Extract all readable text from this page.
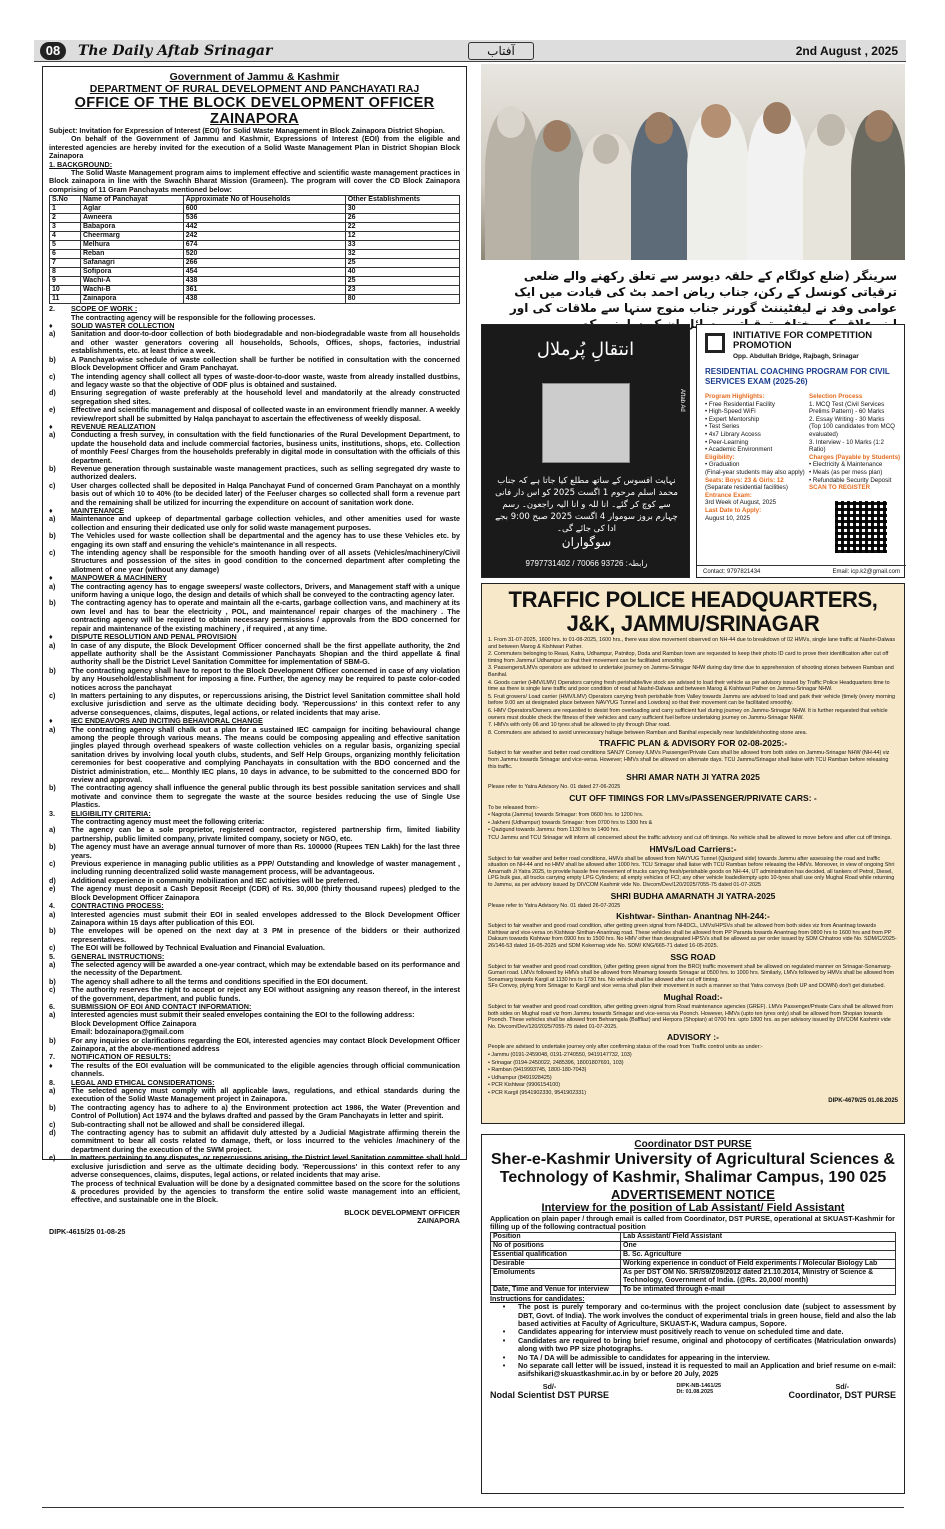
08	The Daily Aftab Srinagar	آفتاب	2nd August , 2025
Government of Jammu & Kashmir
DEPARTMENT OF RURAL DEVELOPMENT AND PANCHAYATI RAJ
OFFICE OF THE BLOCK DEVELOPMENT OFFICER ZAINAPORA

Subject: Invitation for Expression of Interest (EOI) for Solid Waste Management in Block Zainapora District Shopian.

On behalf of the Government of Jammu and Kashmir, Expressions of Interest (EOI) from the eligible and interested agencies are hereby invited for the execution of a Solid Waste Management Plan in District Shopian Block Zainapora

1. BACKGROUND:

The Solid Waste Management program aims to implement effective and scientific waste management practices in Block zainapora in line with the Swachh Bharat Mission (Grameen). The program will cover the CD Block Zainapora comprising of 11 Gram Panchayats mentioned below:

S.No	Name of Panchayat	Approximate No of Households	Other Establishments
1	Aglar	600	30
2	Awneera	536	26
3	Babapora	442	22
4	Cheermarg	242	12
5	Melhura	674	33
6	Reban	520	32
7	Safanagri	266	25
8	Sofipora	454	40
9	Wachi-A	438	25
10	Wachi-B	361	23
11	Zainapora	438	80
2.	SCOPE OF WORK :
The contracting agency will be responsible for the following processes.
♦	SOLID WASTER COLLECTION
a)	Sanitation and door-to-door collection of both biodegradable and non-biodegradable waste from all households and other waster generators covering all households, Schools, Offices, shops, factories, industrial establishments, etc. at least thrice a week.
b)	A Panchayat-wise schedule of waste collection shall be further be notified in consultation with the concerned Block Development Officer and Gram Panchayat.
c)	The intending agency shall collect all types of waste-door-to-door waste, waste from already installed dustbins, and legacy waste so that the objective of ODF plus is obtained and sustained.
d)	Ensuring segregation of waste preferably at the household level and mandatorily at the already constructed segregation shed sites.
e)	Effective and scientific management and disposal of collected waste in an environment friendly manner. A weekly review/report shall be submitted by Halqa panchayat to ascertain the effectiveness of weekly disposal.
♦	REVENUE REALIZATION
a)	Conducting a fresh survey, in consultation with the field functionaries of the Rural Development Department, to update the household data and include commercial factories, business units, institutions, shops, etc. Collection of monthly Fees/ Charges from the households preferably in digital mode in consultation with the officials of this department.
b)	Revenue generation through sustainable waste management practices, such as selling segregated dry waste to authorized dealers.
c)	User charges collected shall be deposited in Halqa Panchayat Fund of concerned Gram Panchayat on a monthly basis out of which 10 to 40% (to be decided later) of the Fee/user charges so collected shall form a revenue part and the remaining shall be utilized for incurring the expenditure on account of sanitation work done.
♦	MAINTENANCE
a)	Maintenance and upkeep of departmental garbage collection vehicles, and other amenities used for waste collection and ensuring their dedicated use only for solid waste management purposes.
b)	The Vehicles used for waste collection shall be departmental and the agency has to use these Vehicles etc. by engaging its own staff and ensuring the vehicle's maintenance in all respects.
c)	The intending agency shall be responsible for the smooth handing over of all assets (Vehicles/machinery/Civil Structures and possession of the sites in good condition to the concerned department after completing the allotment of one year (without any damage)
♦	MANPOWER & MACHINERY
a)	The contracting agency has to engage sweepers/ waste collectors, Drivers, and Management staff with a unique uniform having a unique logo, the design and details of which shall be conveyed to the contracting agency later.
b)	The contracting agency has to operate and maintain all the e-carts, garbage collection vans, and machinery at its own level and has to bear the electricity , POL, and maintenance/ repair charges of the machinery . The contracting agency will be required to obtain necessary permissions / approvals from the BDO concerned for repair and maintenance of the existing machinery , if required , at any time.
♦	DISPUTE RESOLUTION AND PENAL PROVISION
a)	In case of any dispute, the Block Development Officer concerned shall be the first appellate authority, the 2nd appellate authority shall be the Assistant Commissioner Panchayats Shopian and the third appellate & final authority shall be the District Level Sanitation Committee for implementation of SBM-G.
b)	The contracting agency shall have to report to the Block Development Officer concerned in case of any violation by any Household/establishment for imposing a fine. Further, the agency may be required to paste color-coded notices across the panchayat
c)	In matters pertaining to any disputes, or repercussions arising, the District level Sanitation committee shall hold exclusive jurisdiction and serve as the ultimate deciding body. 'Repercussions' in this context refer to any adverse consequences, claims, disputes, legal actions, or related incidents that may arise.
♦	IEC ENDEAVORS AND INCITING BEHAVIORAL CHANGE
a)	The contracting agency shall chalk out a plan for a sustained IEC campaign for inciting behavioural change among the people through various means. The means could be composing appealing and effective sanitation jingles played through overhead speakers of waste collection vehicles on a regular basis, organizing special sanitation drives by involving local youth clubs, students, and Self Help Groups, organizing monthly felicitation ceremonies for best cooperative and complying Panchayats in consultation with the BDO concerned and the District administration, etc... Monthly IEC plans, 10 days in advance, to be submitted to the concerned BDO for review and approval.
b)	The contracting agency shall influence the general public through its best possible sanitation services and shall motivate and convince them to segregate the waste at the source besides reducing the use of Single Use Plastics.
3.	ELIGIBILITY CRITERIA:
The contracting agency must meet the following criteria:
a)	The agency can be a sole proprietor, registered contractor, registered partnership firm, limited liability partnership, public limited company, private limited company, society or NGO, etc.
b)	The agency must have an average annual turnover of more than Rs. 100000 (Rupees TEN Lakh) for the last three years.
c)	Previous experience in managing public utilities as a PPP/ Outstanding and knowledge of waster management , including running decentralized solid waste management process, will be advantageous.
d)	Additional experience in community mobilization and IEC activities will be preferred.
e)	The agency must deposit a Cash Deposit Receipt (CDR) of Rs. 30,000 (thirty thousand rupees) pledged to the Block Development Officer Zainapora
4.	CONTRACTING PROCESS:
a)	Interested agencies must submit their EOI in sealed envelopes addressed to the Block Development Officer Zainapora within 15 days after publication of this EOI.
b)	The envelopes will be opened on the next day at 3 PM in presence of the bidders or their authorized representatives.
c)	The EOI will be followed by Technical Evaluation and Financial Evaluation.
5.	GENERAL INSTRUCTIONS:
a)	The selected agency will be awarded a one-year contract, which may be extendable based on its performance and the necessity of the Department.
b)	The agency shall adhere to all the terms and conditions specified in the EOI document.
c)	The authority reserves the right to accept or reject any EOI without assigning any reason thereof, in the interest of the government, department, and public funds.
6.	SUBMISSION OF EOI AND CONTACT INFORMATION:
a)	Interested agencies must submit their sealed envelopes containing the EOI to the following address:
Block Development Office Zainapora
Email: bdozainapora@gmail.com
b)	For any inquiries or clarifications regarding the EOI, interested agencies may contact Block Development Officer Zainapora, at the above-mentioned address
7.	NOTIFICATION OF RESULTS:
♦	The results of the EOI evaluation will be communicated to the eligible agencies through official communication channels.
8.	LEGAL AND ETHICAL CONSIDERATIONS:
a)	The selected agency must comply with all applicable laws, regulations, and ethical standards during the execution of the Solid Waste Management project in Zainapora.
b)	The contracting agency has to adhere to a) the Environment protection act 1986, the Water (Prevention and Control of Pollution) Act 1974 and the bylaws drafted and passed by the Gram Panchayats in letter and spirit.
c)	Sub-contracting shall not be allowed and shall be considered illegal.
d)	The contracting agency has to submit an affidavit duly attested by a Judicial Magistrate affirming therein the commitment to bear all costs related to damage, theft, or loss incurred to the vehicles /machinery of the department during the execution of the SWM project.
e)	In matters pertaining to any disputes, or repercussions arising, the District level Sanitation committee shall hold exclusive jurisdiction and serve as the ultimate deciding body. 'Repercussions' in this context refer to any adverse consequences, claims, disputes, legal actions, or related incidents that may arise.
The process of technical Evaluation will be done by a designated committee based on the score for the solutions & procedures provided by the agencies to transform the entire solid waste management into an efficient, effective, and sustainable one in the Block.
BLOCK DEVELOPMENT OFFICER
ZAINAPORA
DIPK-4615/25 01-08-25
سرینگر (ضلع کولگام کے حلقہ دیوسر سے تعلق رکھنے والے ضلعی ترقیاتی کونسل کے رکن، جناب ریاض احمد بٹ کی قیادت میں ایک عوامی وفد نے لیفٹیننٹ گورنر جناب منوج سنہا سے ملاقات کی اور
انتقالِ پُرملال
Aftab Ad
نہایت افسوس کے ساتھ مطلع کیا جاتا ہے کہ جناب محمد اسلم مرحوم 1 اگست 2025 کو اس دار فانی سے کوچ کر گئے۔ انا للہ و انا الیہ راجعون۔ رسم چہارم بروز سوموار 4 اگست 2025 صبح 9:00 بجے ادا کی جائے گی۔
سوگواران
9797731402 / 70066 93726 :رابطہ
INITIATIVE FOR COMPETITION PROMOTION
Opp. Abdullah Bridge, Rajbagh, Srinagar
RESIDENTIAL COACHING PROGRAM FOR CIVIL SERVICES EXAM (2025-26)
Program Highlights:
• Free Residential Facility
• High-Speed WiFi
• Expert Mentorship
• Test Series
• 4x7 Library Access
• Peer-Learning
• Academic Environment
Eligibility:
• Graduation
(Final-year students may also apply)
Seats: Boys: 23 & Girls: 12
(Separate residential facilities)
Entrance Exam:
3rd Week of August, 2025
Last Date to Apply:
August 10, 2025
Selection Process
1. MCQ Test (Civil Services Prelims Pattern) - 60 Marks
2. Essay Writing - 30 Marks
(Top 100 candidates from MCQ evaluated)
3. Interview - 10 Marks (1:2 Ratio)
Charges (Payable by Students)
• Electricity & Maintenance
• Meals (as per mess plan)
• Refundable Security Deposit
SCAN TO REGISTER
Contact: 9797821434	Email: icp.k2@gmail.com
TRAFFIC POLICE HEADQUARTERS,
J&K, JAMMU/SRINAGAR

1. From 31-07-2025, 1600 hrs. to 01-08-2025, 1600 hrs., there was slow movement observed on NH-44 due to breakdown of 02 HMVs, single lane traffic at Nashri-Dalwas and between Marog & Kishtwari Pather.

2. Commuters belonging to Reasi, Katra, Udhampur, Patnitop, Doda and Ramban town are requested to keep their photo ID card to prove their identification after cut off timing from Jammu/ Udhampur so that their movement can be facilitated smoothly.

3. Passengers/LMVs operators are advised to undertake journey on Jammu-Srinagar NHW during day time due to apprehension of shooting stones between Ramban and Banihal.

4. Goods carrier (HMV/LMV) Operators carrying fresh perishable/live stock are advised to load their vehicle as per advisory issued by Traffic Police Headquarters time to time as there is single lane traffic and poor condition of road at Nashri-Dalwas and between Marog & Kishtwari Pather on Jammu-Srinagar NHW.

5. Fruit growers/ Load carrier (HMV/LMV) Operators carrying fresh perishable from Valley towards Jammu are advised to load and park their vehicle (timely (every morning before 9.00 am at designated place between NAVYUG Tunnel and Lowdora) so that their movement can be facilitated smoothly.

6. HMV Operators/Owners are requested to desist from overloading and carry sufficient fuel during journey on Jammu-Srinagar NHW. It is further requested that vehicle owners must double check the fitness of their vehicles and carry sufficient fuel before undertaking journey on Jammu-Srinagar NHW.

7. HMVs with only 06 and 10 tyres shall be allowed to ply through Dhar road.

8. Commuters are advised to avoid unnecessary haltage between Ramban and Banihal especially near landslide/shooting stone area.

TRAFFIC PLAN & ADVISORY FOR 02-08-2025:-

Subject to fair weather and better road conditions SANJY Convey /LMVs Passenger/Private Cars shall be allowed from both sides on Jammu-Srinagar NHW (NH-44) viz from Jammu towards Srinagar and vice-versa. However; HMVs shall be allowed on alternate days. TCU Jammu/Srinagar shall liaise with TCU Ramban before releasing this traffic.

SHRI AMAR NATH JI YATRA 2025

Please refer to Yatra Advisory No. 01 dated 27-06-2025

CUT OFF TIMINGS FOR LMVs/PASSENGER/PRIVATE CARS: -

To be released from:-

• Nagrota (Jammu) towards Srinagar: from 0600 hrs. to 1200 hrs.

• Jakheni (Udhampur) towards Srinagar: from 0700 hrs to 1300 hrs &

• Qazigund towards Jammu: from 1130 hrs to 1400 hrs.

TCU Jammu and TCU Srinagar will inform all concerned about the traffic advisory and cut off timings. No vehicle shall be allowed to move before and after cut off timings.

HMVs/Load Carriers:-

Subject to fair weather and better road conditions, HMVs shall be allowed from NAVYUG Tunnel (Qazigund side) towards Jammu after assessing the road and traffic situation on NH-44 and no HMV shall be allowed after 1000 hrs. TCU Srinagar shall liaise with TCU Ramban before releasing the HMVs. Moreover, in view of ongoing Shri Amarnath Ji Yatra 2025, to provide hassle free movement of trucks carrying fresh/perishable goods on NH-44, UT administration has decided, all tankers of Petrol, Diesel, LPG bulk gas, all trucks carrying empty LPG Cylinders; all empty vehicles of FCI; any other vehicle loaded/empty upto 10-tyres shall use only Mughal Road while returning to Jammu, as per advisory issued by DIVCOM Kashmir vide No. Divcom/Dev/120/2025/7055-75 dated 01-07-2025

SHRI BUDHA AMARNATH JI YATRA-2025

Please refer to Yatra Advisory No. 01 dated 26-07-2025

Kishtwar- Sinthan- Anantnag NH-244:-

Subject to fair weather and good road condition, after getting green signal from NHIDCL, LMVs/HPSVs shall be allowed from both sides viz from Anantnag towards Kishtwar and vice-versa on Kishtwar-Sinthan-Anantnag road. These vehicles shall be allowed from PP Paranta towards Anantnag from 0800 hrs to 1600 hrs and from PP Daksum towards Kishtwar from 0900 hrs to 1500 hrs. No HMV other than designated HPSVs shall be allowed as per order issued by SDM Chhatroo vide No. SDM/C/2025-26/146-53 dated 16-05-2025 and SDM Kokernag vide No. SDM/ KNG/665-71 dated 16-05-2025.

SSG ROAD

Subject to fair weather and good road condition, (after getting green signal from the BRO) traffic movement shall be allowed on regulated manner on Srinagar-Sonamarg-Gumari road. LMVs followed by HMVs shall be allowed from Minamarg towards Srinagar at 0500 hrs. to 1000 hrs. Similarly, LMVs followed by HMVs shall be allowed from Sonamarg towards Kargil at 1130 hrs to 1730 hrs. No vehicle shall be allowed after cut off timing.
SFs Convoy, plying from Srinagar to Kargil and vice versa shall plan their movement in such a manner so that Yatra convoys (both UP and DOWN) don't get disturbed.

Mughal Road:-

Subject to fair weather and good road condition, after getting green signal from Road maintenance agencies (GREF). LMVs Passenger/Private Cars shall be allowed from both sides on Mughal road viz from Jammu towards Srinagar and vice-versa via Poonch. However, HMVs (upto ten tyres only) shall be allowed from Shopian towards Poonch. These vehicles shall be allowed from Behramgala (Baffliaz) and Herpora (Shopian) at 0700 hrs. upto 1800 hrs. as per advisory issued by DIVCOM Kashmir vide No. Divcom/Dev/120/2025/7055-75 dated 01-07-2025.

ADVISORY :-

People are advised to undertake journey only after confirming status of the road from Traffic control units as under:-

• Jammu (0191-2459048, 0191-2740550, 9419147732, 103)

• Srinagar (0194-2450022, 2485396, 18001807691, 103)

• Ramban (9419993745, 1800-180-7043)

• Udhampur (8491928425)

• PCR Kishtwar (9906154100)

• PCR Kargil (9541902330, 9541902331)

DIPK-4679/25 01.08.2025
Coordinator DST PURSE
Sher-e-Kashmir University of Agricultural Sciences &
Technology of Kashmir, Shalimar Campus, 190 025
ADVERTISEMENT NOTICE
Interview for the position of Lab Assistant/ Field Assistant

Application on plain paper / through email is called from Coordinator, DST PURSE, operational at SKUAST-Kashmir for filling up of the following contractual position

Position	Lab Assistant/ Field Assistant
No of positions	One
Essential qualification	B. Sc. Agriculture
Desirable	Working experience in conduct of Field experiments / Molecular Biology Lab
Emoluments	As per DST OM No. SR/S9/Z09/2012 dated 21.10.2014, Ministry of Science & Technology, Government of India. (@Rs. 20,000/ month)
Date, Time and Venue for interview	To be intimated through e-mail

Instructions for candidates:

•	The post is purely temporary and co-terminus with the project conclusion date (subject to assessment by DBT, Govt. of India). The work involves the conduct of experimental trials in green house, field and also the lab based activities at Faculty of Agriculture, SKUAST-K, Wadura campus, Sopore.
•	Candidates appearing for interview must positively reach to venue on scheduled time and date.
•	Candidates are required to bring brief resume, original and photocopy of certificates (Matriculation onwards) along with two PP size photographs.
•	No TA / DA will be admissible to candidates for appearing in the interview.
•	No separate call letter will be issued, instead it is requested to mail an Application and brief resume on e-mail: asifshikari@skuastkashmir.ac.in by or before 20 July, 2025
Sd/-
Nodal Scientist DST PURSE
DIPK-NB-1461/25
Dt: 01.08.2025
Sd/-
Coordinator, DST PURSE
